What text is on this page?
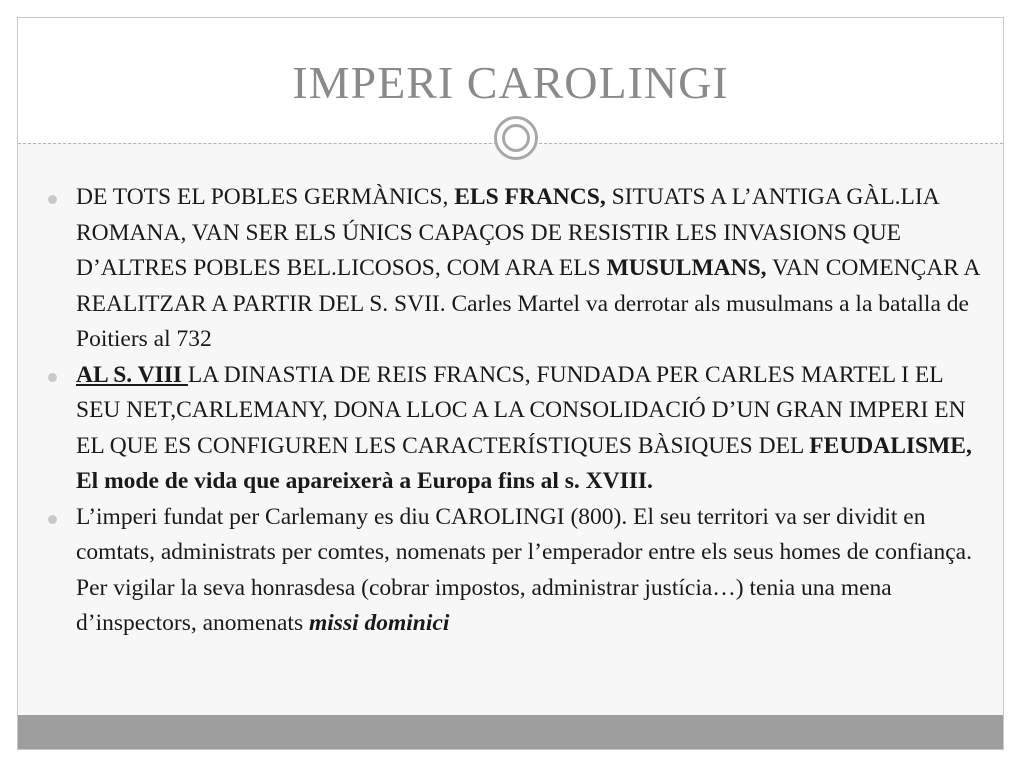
IMPERI CAROLINGI
DE TOTS EL POBLES GERMÀNICS, ELS FRANCS, SITUATS A L’ANTIGA GÀL.LIA ROMANA, VAN SER ELS ÚNICS CAPAÇOS DE RESISTIR LES INVASIONS QUE D’ALTRES POBLES BEL.LICOSOS, COM ARA ELS MUSULMANS, VAN COMENÇAR A REALITZAR A PARTIR DEL S. SVII. Carles Martel va derrotar als musulmans a la batalla de Poitiers al 732
AL S. VIII LA DINASTIA DE REIS FRANCS, FUNDADA PER CARLES MARTEL I EL SEU NET,CARLEMANY, DONA LLOC A LA CONSOLIDACIÓ D’UN GRAN IMPERI EN EL QUE ES CONFIGUREN LES CARACTERÍSTIQUES BÀSIQUES DEL FEUDALISME, El mode de vida que apareixerà a Europa fins al s. XVIII.
L’imperi fundat per Carlemany es diu CAROLINGI (800). El seu territori va ser dividit en comtats, administrats per comtes, nomenats per l’emperador entre els seus homes de confiança. Per vigilar la seva honrasdesa (cobrar impostos, administrar justícia…) tenia una mena d’inspectors, anomenats missi dominici
